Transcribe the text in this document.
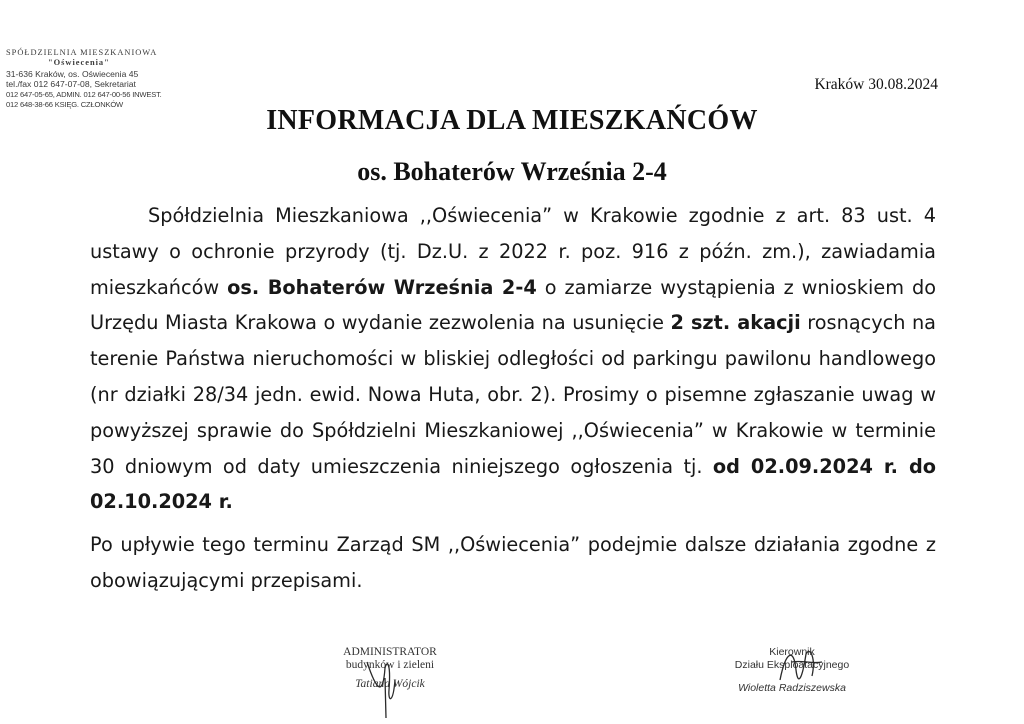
SPÓŁDZIELNIA MIESZKANIOWA
"Oświecenia"
31-636 Kraków, os. Oświecenia 45
tel./fax 012 647-07-08, Sekretariat
012 647-05-65, ADMIN. 012 647-00-56 INWEST.
012 648-38-66 KSIĘG. CZŁONKÓW
Kraków 30.08.2024
INFORMACJA DLA MIESZKAŃCÓW
os. Bohaterów Września 2-4

Spółdzielnia Mieszkaniowa ,,Oświecenia” w Krakowie zgodnie z art. 83 ust. 4 ustawy o ochronie przyrody (tj. Dz.U. z 2022 r. poz. 916 z późn. zm.), zawiadamia mieszkańców os. Bohaterów Września 2-4 o zamiarze wystąpienia z wnioskiem do Urzędu Miasta Krakowa o wydanie zezwolenia na usunięcie 2 szt. akacji rosnących na terenie Państwa nieruchomości w bliskiej odległości od parkingu pawilonu handlowego (nr działki 28/34 jedn. ewid. Nowa Huta, obr. 2). Prosimy o pisemne zgłaszanie uwag w powyższej sprawie do Spółdzielni Mieszkaniowej ,,Oświecenia” w Krakowie w terminie 30 dniowym od daty umieszczenia niniejszego ogłoszenia tj. od 02.09.2024 r. do 02.10.2024 r.

Po upływie tego terminu Zarząd SM ,,Oświecenia” podejmie dalsze działania zgodne z obowiązującymi przepisami.

ADMINISTRATOR
budynków i zieleni
Tatiana Wójcik
Kierownik
Działu Eksploatacyjnego
Wioletta Radziszewska
